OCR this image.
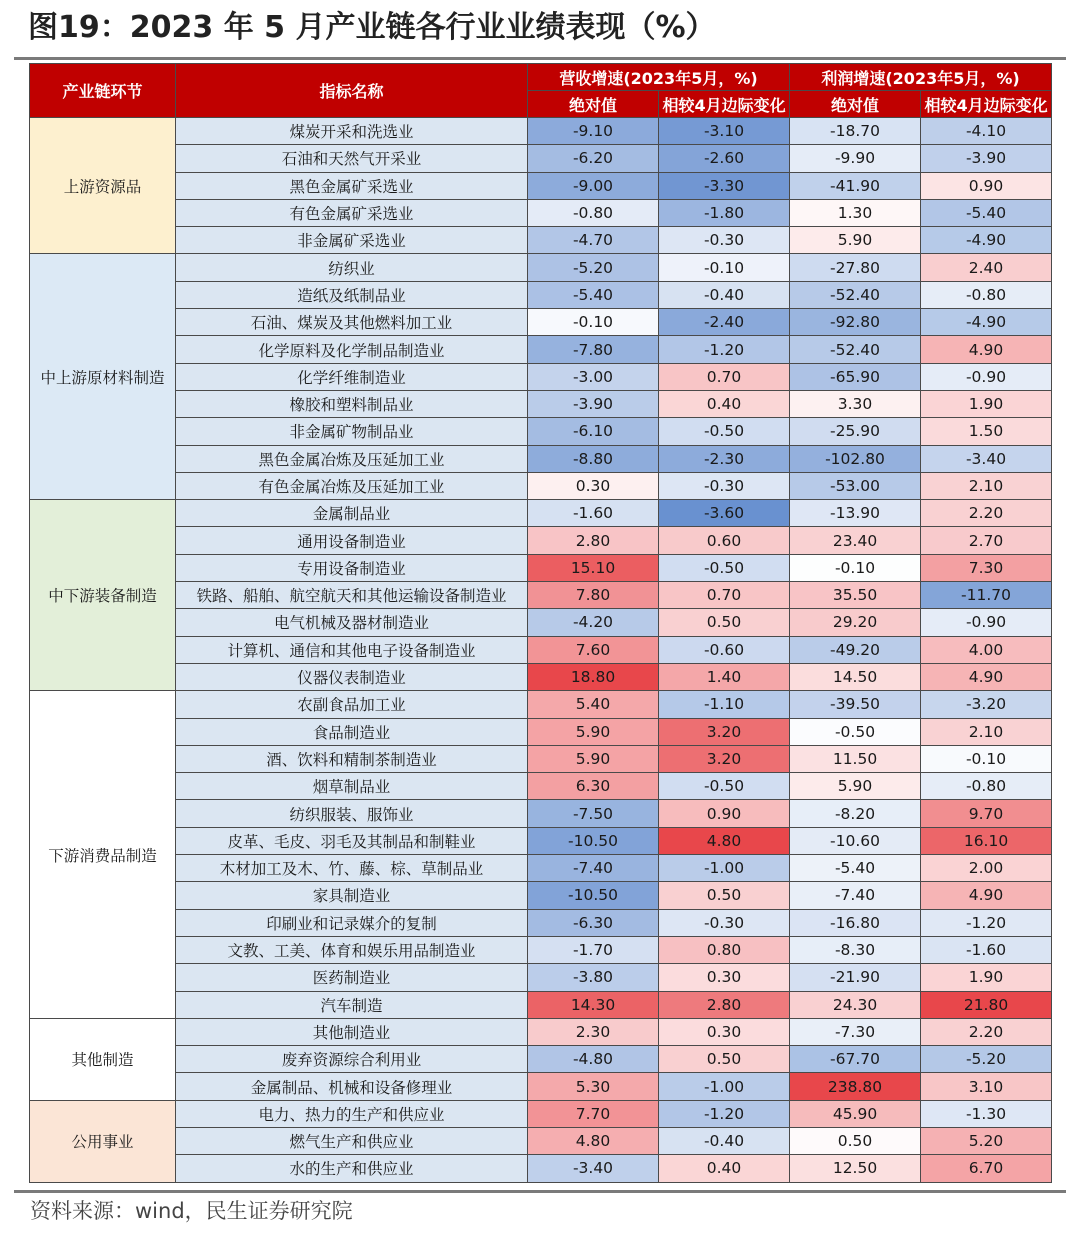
图19：2023 年 5 月产业链各行业业绩表现（%）
产业链环节	指标名称	营收增速(2023年5月，%)		利润增速(2023年5月，%)	
		绝对值	相较4月边际变化	绝对值	相较4月边际变化
上游资源品	煤炭开采和洗选业	-9.10	-3.10	-18.70	-4.10
	石油和天然气开采业	-6.20	-2.60	-9.90	-3.90
	黑色金属矿采选业	-9.00	-3.30	-41.90	0.90
	有色金属矿采选业	-0.80	-1.80	1.30	-5.40
	非金属矿采选业	-4.70	-0.30	5.90	-4.90
中上游原材料制造	纺织业	-5.20	-0.10	-27.80	2.40
	造纸及纸制品业	-5.40	-0.40	-52.40	-0.80
	石油、煤炭及其他燃料加工业	-0.10	-2.40	-92.80	-4.90
	化学原料及化学制品制造业	-7.80	-1.20	-52.40	4.90
	化学纤维制造业	-3.00	0.70	-65.90	-0.90
	橡胶和塑料制品业	-3.90	0.40	3.30	1.90
	非金属矿物制品业	-6.10	-0.50	-25.90	1.50
	黑色金属冶炼及压延加工业	-8.80	-2.30	-102.80	-3.40
	有色金属冶炼及压延加工业	0.30	-0.30	-53.00	2.10
中下游装备制造	金属制品业	-1.60	-3.60	-13.90	2.20
	通用设备制造业	2.80	0.60	23.40	2.70
	专用设备制造业	15.10	-0.50	-0.10	7.30
	铁路、船舶、航空航天和其他运输设备制造业	7.80	0.70	35.50	-11.70
	电气机械及器材制造业	-4.20	0.50	29.20	-0.90
	计算机、通信和其他电子设备制造业	7.60	-0.60	-49.20	4.00
	仪器仪表制造业	18.80	1.40	14.50	4.90
下游消费品制造	农副食品加工业	5.40	-1.10	-39.50	-3.20
	食品制造业	5.90	3.20	-0.50	2.10
	酒、饮料和精制茶制造业	5.90	3.20	11.50	-0.10
	烟草制品业	6.30	-0.50	5.90	-0.80
	纺织服装、服饰业	-7.50	0.90	-8.20	9.70
	皮革、毛皮、羽毛及其制品和制鞋业	-10.50	4.80	-10.60	16.10
	木材加工及木、竹、藤、棕、草制品业	-7.40	-1.00	-5.40	2.00
	家具制造业	-10.50	0.50	-7.40	4.90
	印刷业和记录媒介的复制	-6.30	-0.30	-16.80	-1.20
	文教、工美、体育和娱乐用品制造业	-1.70	0.80	-8.30	-1.60
	医药制造业	-3.80	0.30	-21.90	1.90
	汽车制造	14.30	2.80	24.30	21.80
其他制造	其他制造业	2.30	0.30	-7.30	2.20
	废弃资源综合利用业	-4.80	0.50	-67.70	-5.20
	金属制品、机械和设备修理业	5.30	-1.00	238.80	3.10
公用事业	电力、热力的生产和供应业	7.70	-1.20	45.90	-1.30
	燃气生产和供应业	4.80	-0.40	0.50	5.20
	水的生产和供应业	-3.40	0.40	12.50	6.70
资料来源：wind，民生证券研究院
